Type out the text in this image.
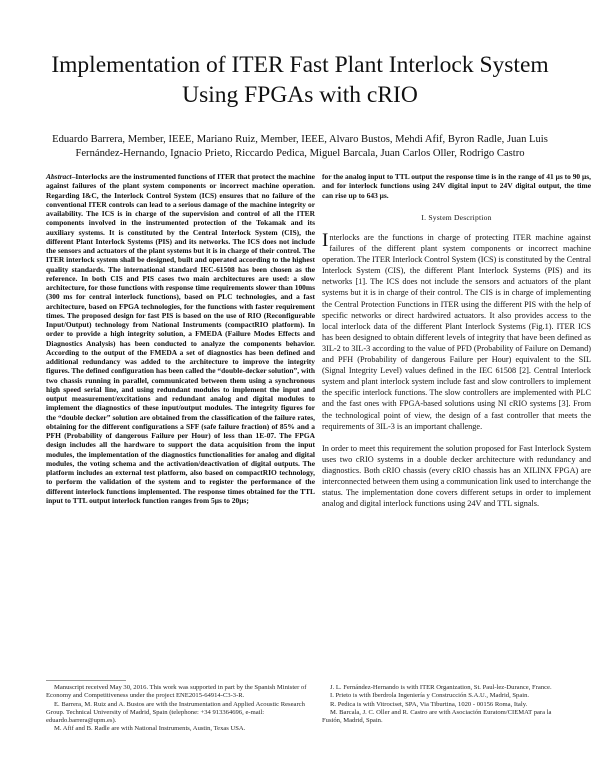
Implementation of ITER Fast Plant Interlock System Using FPGAs with cRIO

Eduardo Barrera, Member, IEEE, Mariano Ruiz, Member, IEEE, Alvaro Bustos, Mehdi Afif, Byron Radle, Juan Luis Fernández-Hernando, Ignacio Prieto, Riccardo Pedica, Miguel Barcala, Juan Carlos Oller, Rodrigo Castro

Abstract–Interlocks are the instrumented functions of ITER that protect the machine against failures of the plant system components or incorrect machine operation. Regarding I&C, the Interlock Control System (ICS) ensures that no failure of the conventional ITER controls can lead to a serious damage of the machine integrity or availability. The ICS is in charge of the supervision and control of all the ITER components involved in the instrumented protection of the Tokamak and its auxiliary systems. It is constituted by the Central Interlock System (CIS), the different Plant Interlock Systems (PIS) and its networks. The ICS does not include the sensors and actuators of the plant systems but it is in charge of their control. The ITER interlock system shall be designed, built and operated according to the highest quality standards. The international standard IEC-61508 has been chosen as the reference. In both CIS and PIS cases two main architectures are used: a slow architecture, for those functions with response time requirements slower than 100ms (300 ms for central interlock functions), based on PLC technologies, and a fast architecture, based on FPGA technologies, for the functions with faster requirement times. The proposed design for fast PIS is based on the use of RIO (Reconfigurable Input/Output) technology from National Instruments (compactRIO platform). In order to provide a high integrity solution, a FMEDA (Failure Modes Effects and Diagnostics Analysis) has been conducted to analyze the components behavior. According to the output of the FMEDA a set of diagnostics has been defined and additional redundancy was added to the architecture to improve the integrity figures. The defined configuration has been called the “double-decker solution”, with two chassis running in parallel, communicated between them using a synchronous high speed serial line, and using redundant modules to implement the input and output measurement/excitations and redundant analog and digital modules to implement the diagnostics of these input/output modules. The integrity figures for the “double decker” solution are obtained from the classification of the failure rates, obtaining for the different configurations a SFF (safe failure fraction) of 85% and a PFH (Probability of dangerous Failure per Hour) of less than 1E-07. The FPGA design includes all the hardware to support the data acquisition from the input modules, the implementation of the diagnostics functionalities for analog and digital modules, the voting schema and the activation/deactivation of digital outputs. The platform includes an external test platform, also based on compactRIO technology, to perform the validation of the system and to register the performance of the different interlock functions implemented. The response times obtained for the TTL input to TTL output interlock function ranges from 5μs to 20μs;

for the analog input to TTL output the response time is in the range of 41 μs to 90 μs, and for interlock functions using 24V digital input to 24V digital output, the time can rise up to 643 μs.

I. System Description

Interlocks are the functions in charge of protecting ITER machine against failures of the different plant system components or incorrect machine operation. The ITER Interlock Control System (ICS) is constituted by the Central Interlock System (CIS), the different Plant Interlock Systems (PIS) and its networks [1]. The ICS does not include the sensors and actuators of the plant systems but it is in charge of their control. The CIS is in charge of implementing the Central Protection Functions in ITER using the different PIS with the help of specific networks or direct hardwired actuators. It also provides access to the local interlock data of the different Plant Interlock Systems (Fig.1). ITER ICS has been designed to obtain different levels of integrity that have been defined as 3IL-2 to 3IL-3 according to the value of PFD (Probability of Failure on Demand) and PFH (Probability of dangerous Failure per Hour) equivalent to the SIL (Signal Integrity Level) values defined in the IEC 61508 [2]. Central Interlock system and plant interlock system include fast and slow controllers to implement the specific interlock functions. The slow controllers are implemented with PLC and the fast ones with FPGA-based solutions using NI cRIO systems [3]. From the technological point of view, the design of a fast controller that meets the requirements of 3IL-3 is an important challenge.

In order to meet this requirement the solution proposed for Fast Interlock System uses two cRIO systems in a double decker architecture with redundancy and diagnostics. Both cRIO chassis (every cRIO chassis has an XILINX FPGA) are interconnected between them using a communication link used to interchange the status. The implementation done covers different setups in order to implement analog and digital interlock functions using 24V and TTL signals.

Manuscript received May 30, 2016. This work was supported in part by the Spanish Minister of Economy and Competitiveness under the project ENE2015-64914-C3-3-R.

E. Barrera, M. Ruiz and A. Bustos are with the Instrumentation and Applied Acoustic Research Group. Technical University of Madrid, Spain (telephone: +34 913364696, e-mail: eduardo.barrera@upm.es).

M. Afif and B. Radle are with National Instruments, Austin, Texas USA.

J. L. Fernández-Hernando is with ITER Organization, St. Paul-lez-Durance, France.

I. Prieto is with Iberdrola Ingeniería y Construcción S.A.U., Madrid, Spain.

R. Pedica is with Vitrociset, SPA, Via Tiburtina, 1020 - 00156 Roma, Italy.

M. Barcala, J. C. Oller and R. Castro are with Asociación Euratom/CIEMAT para la Fusión, Madrid, Spain.
